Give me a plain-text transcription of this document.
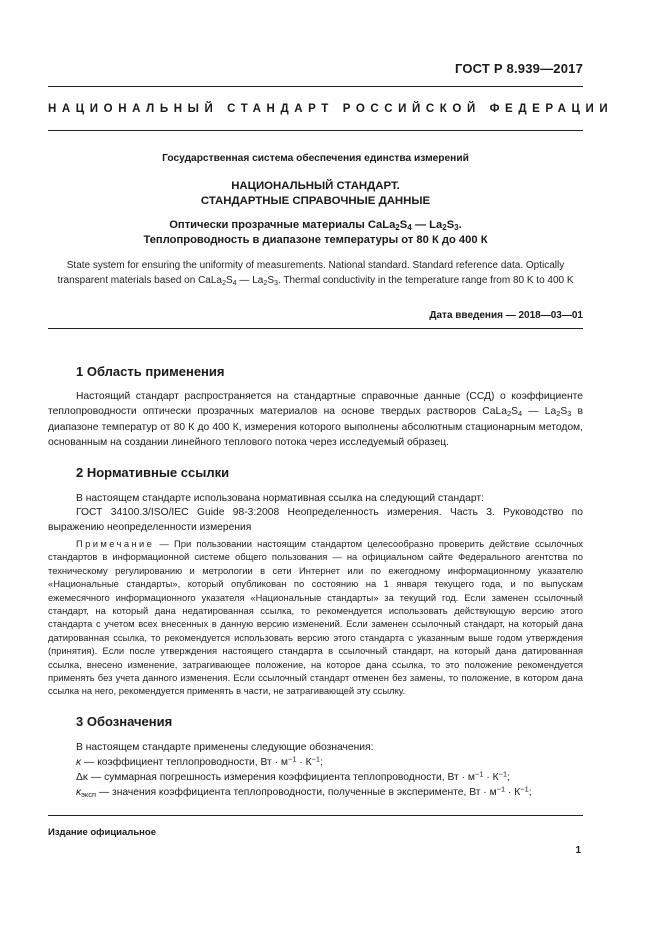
ГОСТ Р 8.939—2017
НАЦИОНАЛЬНЫЙ СТАНДАРТ РОССИЙСКОЙ ФЕДЕРАЦИИ
Государственная система обеспечения единства измерений
НАЦИОНАЛЬНЫЙ СТАНДАРТ.
СТАНДАРТНЫЕ СПРАВОЧНЫЕ ДАННЫЕ
Оптически прозрачные материалы $CaLa_2S_4$ — $La_2S_3$.
Теплопроводность в диапазоне температуры от 80 К до 400 К
State system for ensuring the uniformity of measurements. National standard. Standard reference data. Optically
transparent materials based on $CaLa_2S_4$ — $La_2S_3$. Thermal conductivity in the temperature range from 80 K to 400 K
Дата введения — 2018—03—01
1 Область применения
Настоящий стандарт распространяется на стандартные справочные данные (ССД) о коэффициенте теплопроводности оптически прозрачных материалов на основе твердых растворов $CaLa_2S_4$ — $La_2S_3$ в диапазоне температур от 80 К до 400 К, измерения которого выполнены абсолютным стационарным методом, основанным на создании линейного теплового потока через исследуемый образец.
2 Нормативные ссылки
В настоящем стандарте использована нормативная ссылка на следующий стандарт:
ГОСТ 34100.3/ISO/IEC Guide 98-3:2008 Неопределенность измерения. Часть 3. Руководство по выражению неопределенности измерения
Примечание — При пользовании настоящим стандартом целесообразно проверить действие ссылочных стандартов в информационной системе общего пользования — на официальном сайте Федерального агентства по техническому регулированию и метрологии в сети Интернет или по ежегодному информационному указателю «Национальные стандарты», который опубликован по состоянию на 1 января текущего года, и по выпускам ежемесячного информационного указателя «Национальные стандарты» за текущий год. Если заменен ссылочный стандарт, на который дана недатированная ссылка, то рекомендуется использовать действующую версию этого стандарта с учетом всех внесенных в данную версию изменений. Если заменен ссылочный стандарт, на который дана датированная ссылка, то рекомендуется использовать версию этого стандарта с указанным выше годом утверждения (принятия). Если после утверждения настоящего стандарта в ссылочный стандарт, на который дана датированная ссылка, внесено изменение, затрагивающее положение, на которое дана ссылка, то это положение рекомендуется применять без учета данного изменения. Если ссылочный стандарт отменен без замены, то положение, в котором дана ссылка на него, рекомендуется применять в части, не затрагивающей эту ссылку.
3 Обозначения
В настоящем стандарте применены следующие обозначения:
κ — коэффициент теплопроводности, Вт · $м^{-1} \cdot К^{-1}$;
Δκ — суммарная погрешность измерения коэффициента теплопроводности, Вт · $м^{-1} \cdot К^{-1}$;
$\kappa_{эксп}$ — значения коэффициента теплопроводности, полученные в эксперименте, Вт · $м^{-1} \cdot К^{-1}$;
Издание официальное
1
